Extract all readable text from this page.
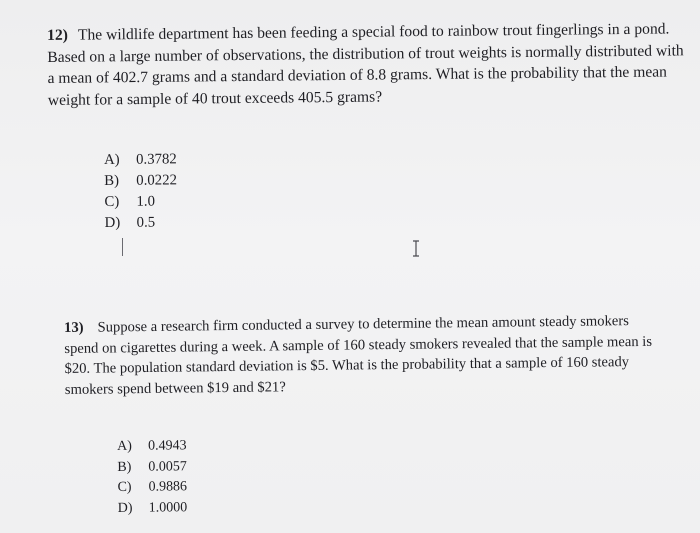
12) The wildlife department has been feeding a special food to rainbow trout fingerlings in a pond. Based on a large number of observations, the distribution of trout weights is normally distributed with a mean of 402.7 grams and a standard deviation of 8.8 grams. What is the probability that the mean weight for a sample of 40 trout exceeds 405.5 grams?
A)	0.3782
B)	0.0222
C)	1.0
D)	0.5
13) Suppose a research firm conducted a survey to determine the mean amount steady smokers spend on cigarettes during a week. A sample of 160 steady smokers revealed that the sample mean is $20. The population standard deviation is $5. What is the probability that a sample of 160 steady smokers spend between $19 and $21?
A)	0.4943
B)	0.0057
C)	0.9886
D)	1.0000
